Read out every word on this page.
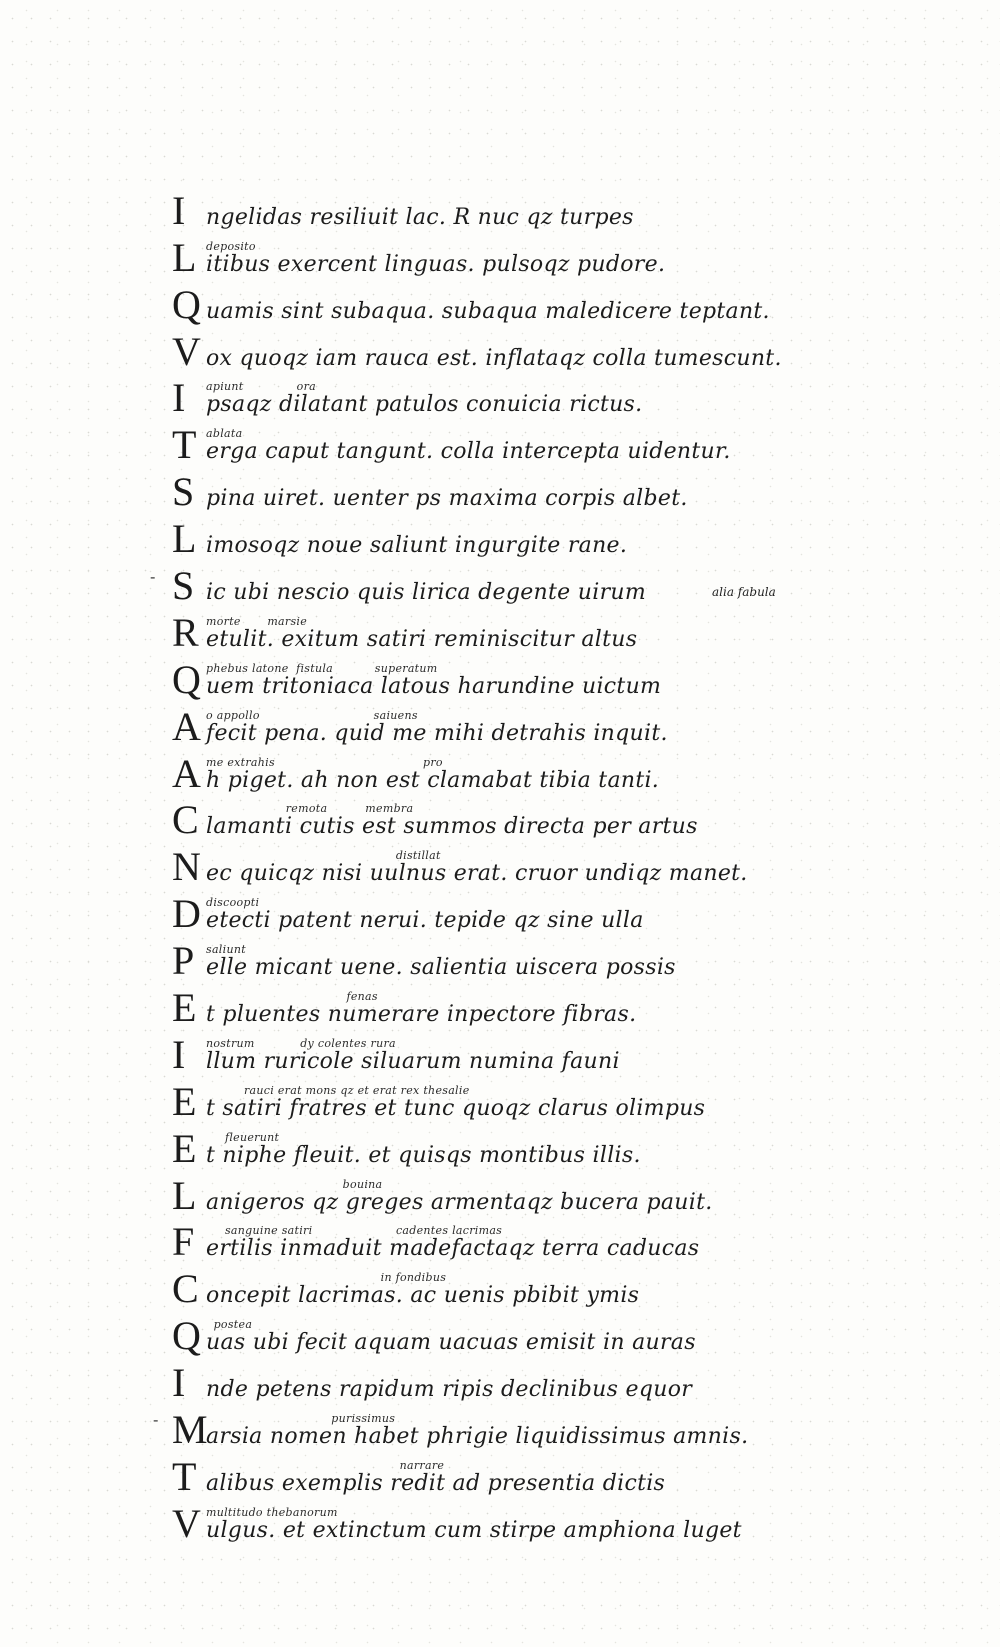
I ngelidas resiliuit lac. R nuc qz turpes
L deposito
itibus exercent linguas. pulsoqz pudore.
Q uamis sint subaqua. subaqua maledicere teptant.
V ox quoqz iam rauca est. inflataqz colla tumescunt.
I	apiunt              ora
psaqz dilatant patulos conuicia rictus.
T ablata
erga caput tangunt. colla intercepta uidentur.
S pina uiret. uenter ps maxima corpis albet.
L imosoqz noue saliunt ingurgite rane.
S ic ubi nescio quis lirica degente uirum
R morte       marsie
etulit. exitum satiri reminiscitur altus
Q phebus latone  fistula           superatum
uem tritoniaca latous harundine uictum
A o appollo                              saiuens
fecit pena. quid me mihi detrahis inquit.
A me extrahis                                       pro
h piget. ah non est clamabat tibia tanti.
C remota          membra
lamanti cutis est summos directa per artus
N distillat
ec quicqz nisi uulnus erat. cruor undiqz manet.
D discoopti
etecti patent nerui. tepide qz sine ulla
P	saliunt
elle micant uene. salientia uiscera possis
E fenas
t pluentes numerare inpectore fibras.
I	nostrum            dy colentes rura
llum ruricole siluarum numina fauni
E rauci erat mons qz et erat rex thesalie
t satiri fratres et tunc quoqz clarus olimpus
E fleuerunt
t niphe fleuit. et quisqs montibus illis.
L bouina
anigeros qz greges armentaqz bucera pauit.
F	sanguine satiri                      cadentes lacrimas
ertilis inmaduit madefactaqz terra caducas
C in fondibus
oncepit lacrimas. ac uenis pbibit ymis
Q postea
uas ubi fecit aquam uacuas emisit in auras
I nde petens rapidum ripis declinibus equor
M
purissimus
arsia nomen habet phrigie liquidissimus amnis.
T narrare
alibus exemplis redit ad presentia dictis
V multitudo thebanorum
ulgus. et extinctum cum stirpe amphiona luget
alia fabula
-
-
